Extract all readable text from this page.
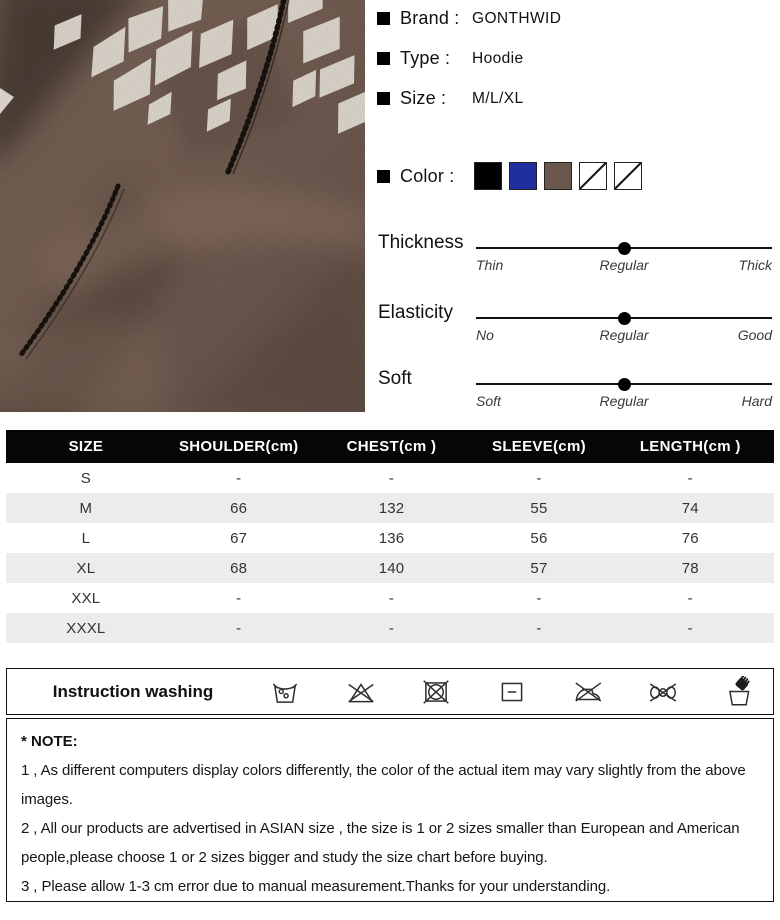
Brand : GONTHWID
Type :	Hoodie
Size :	M/L/XL
Color :
Thickness
Thin	Regular	Thick
Elasticity
No	Regular	Good
Soft
Soft	Regular	Hard
SIZE	SHOULDER(cm)	CHEST(cm )	SLEEVE(cm)	LENGTH(cm )
S	-	-	-	-
M	66	132	55	74
L	67	136	56	76
XL	68	140	57	78
XXL	-	-	-	-
XXXL	-	-	-	-
Instruction washing
* NOTE:

1 , As different computers display colors differently, the color of the actual item may vary slightly from the above images.

2 , All our products are advertised in ASIAN size , the size is 1 or 2 sizes smaller than European and American people,please choose 1 or 2 sizes bigger and study the size chart before buying.

3 , Please allow 1-3 cm error due to manual measurement.Thanks for your understanding.
